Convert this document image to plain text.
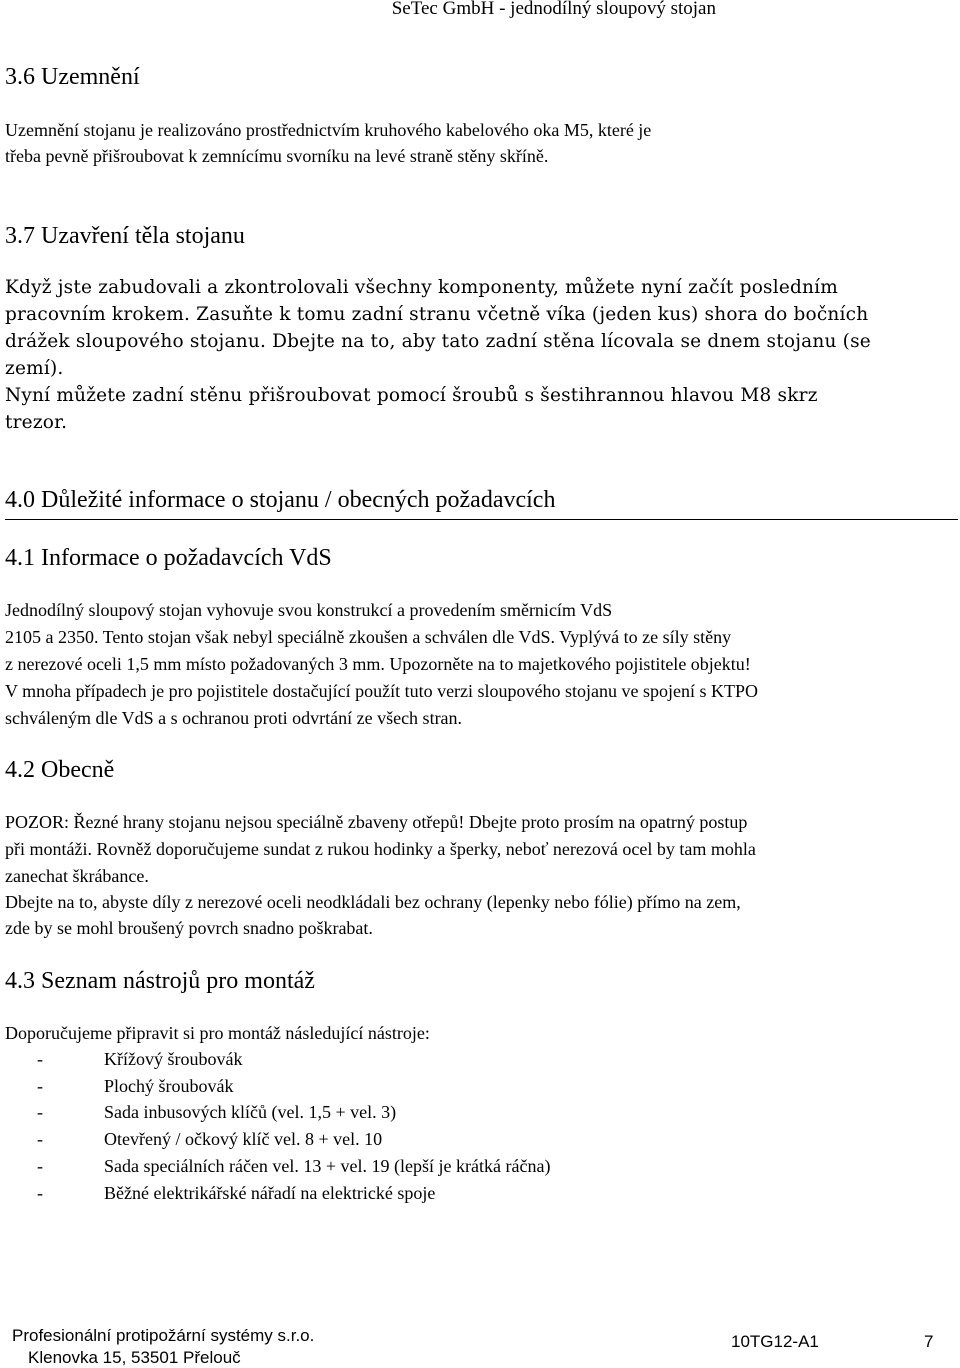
SeTec GmbH - jednodílný sloupový stojan
3.6 Uzemnění
Uzemnění stojanu je realizováno prostřednictvím kruhového kabelového oka M5, které je
třeba pevně přišroubovat k zemnícímu svorníku na levé straně stěny skříně.
3.7 Uzavření těla stojanu
Když jste zabudovali a zkontrolovali všechny komponenty, můžete nyní začít posledním
pracovním krokem. Zasuňte k tomu zadní stranu včetně víka (jeden kus) shora do bočních
drážek sloupového stojanu. Dbejte na to, aby tato zadní stěna lícovala se dnem stojanu (se
zemí).
Nyní můžete zadní stěnu přišroubovat pomocí šroubů s šestihrannou hlavou M8 skrz
trezor.
4.0 Důležité informace o stojanu / obecných požadavcích
4.1 Informace o požadavcích VdS
Jednodílný sloupový stojan vyhovuje svou konstrukcí a provedením směrnicím VdS
2105 a 2350. Tento stojan však nebyl speciálně zkoušen a schválen dle VdS. Vyplývá to ze síly stěny
z nerezové oceli 1,5 mm místo požadovaných 3 mm. Upozorněte na to majetkového pojistitele objektu!
V mnoha případech je pro pojistitele dostačující použít tuto verzi sloupového stojanu ve spojení s KTPO
schváleným dle VdS a s ochranou proti odvrtání ze všech stran.
4.2 Obecně
POZOR: Řezné hrany stojanu nejsou speciálně zbaveny otřepů! Dbejte proto prosím na opatrný postup
při montáži. Rovněž doporučujeme sundat z rukou hodinky a šperky, neboť nerezová ocel by tam mohla
zanechat škrábance.
Dbejte na to, abyste díly z nerezové oceli neodkládali bez ochrany (lepenky nebo fólie) přímo na zem,
zde by se mohl broušený povrch snadno poškrabat.
4.3 Seznam nástrojů pro montáž
Doporučujeme připravit si pro montáž následující nástroje:
-	Křížový šroubovák
-	Plochý šroubovák
-	Sada inbusových klíčů (vel. 1,5 + vel. 3)
-	Otevřený / očkový klíč vel. 8 + vel. 10
-	Sada speciálních ráčen vel. 13 + vel. 19 (lepší je krátká ráčna)
-	Běžné elektrikářské nářadí na elektrické spoje
Profesionální protipožární systémy s.r.o.
Klenovka 15, 53501 Přelouč
10TG12-A1	7
